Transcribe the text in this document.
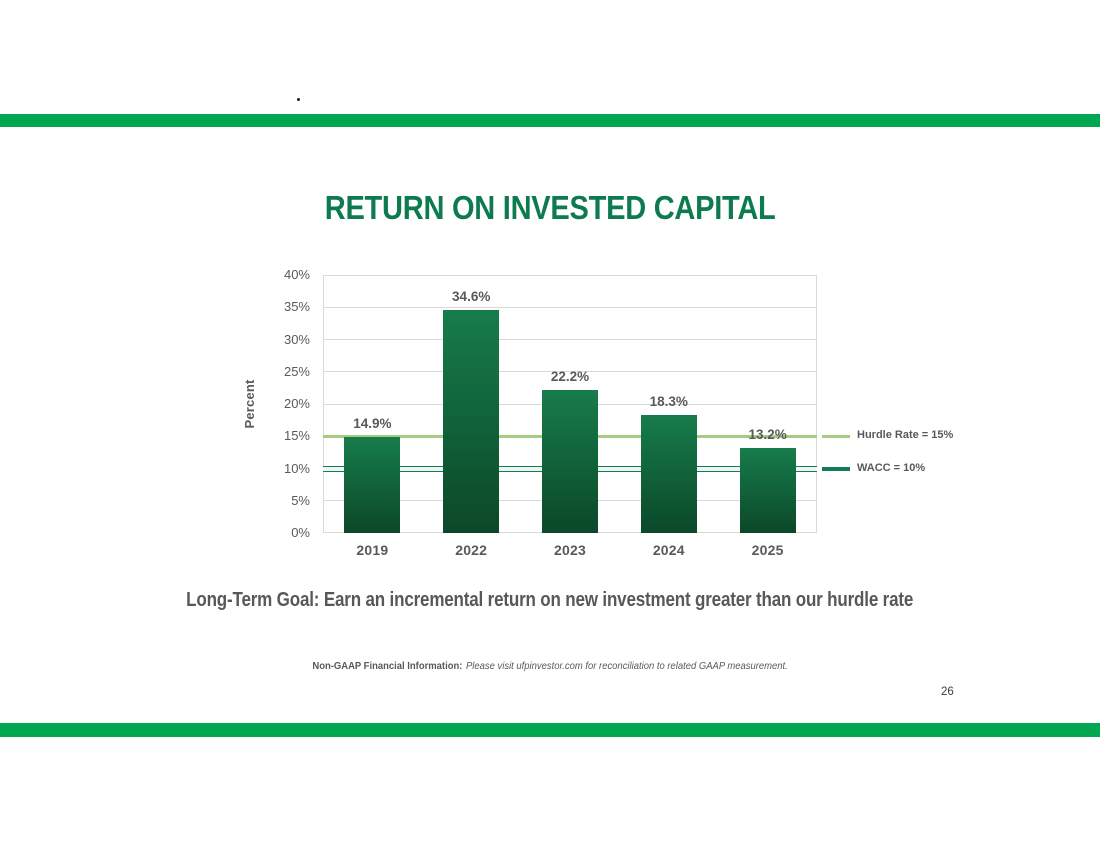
RETURN ON INVESTED CAPITAL
0%
5%
10%
15%
20%
25%
30%
35%
40%
Percent
Hurdle Rate = 15%
WACC = 10%
14.9%
2019
34.6%
2022
22.2%
2023
18.3%
2024
13.2%
2025
Long-Term Goal: Earn an incremental return on new investment greater than our hurdle rate
Non-GAAP Financial Information: Please visit ufpinvestor.com for reconciliation to related GAAP measurement.
26
